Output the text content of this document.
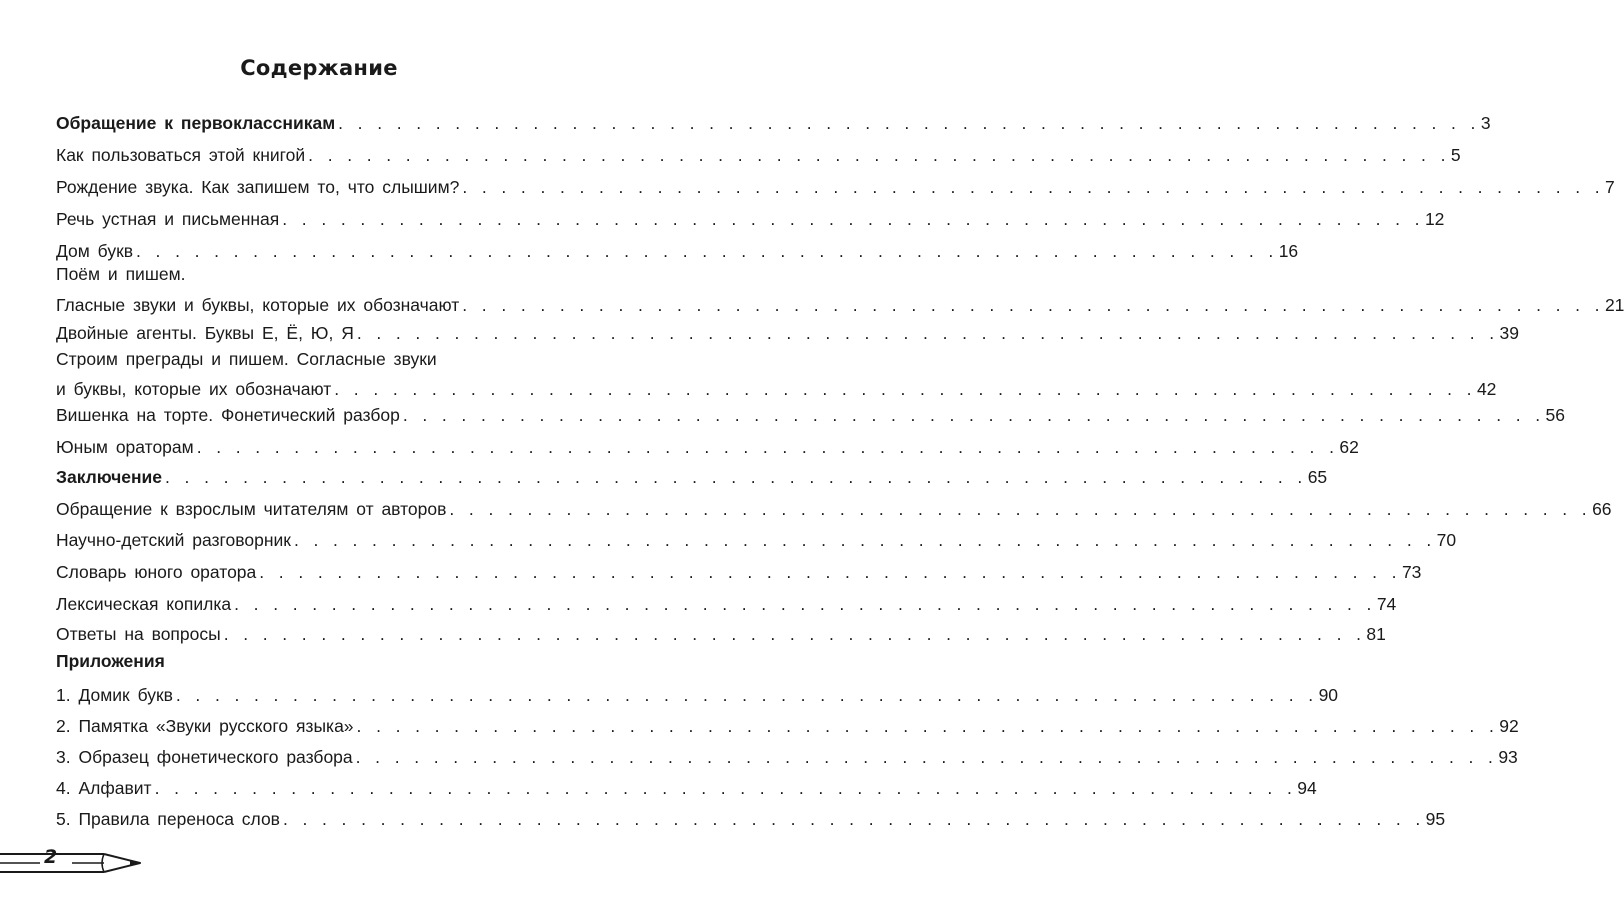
Содержание
Обращение к первоклассникам . . . . . . . . . . . . . . . . . . . . . . . . . . . . . . . . . . . . . . . . . . . . . . . . . . . . . . . . . . . 3
Как пользоваться этой книгой . . . . . . . . . . . . . . . . . . . . . . . . . . . . . . . . . . . . . . . . . . . . . . . . . . . . . . . . . . . 5
Рождение звука. Как запишем то, что слышим? . . . . . . . . . . . . . . . . . . . . . . . . . . . . . . . . . . . . . . . . . . . . . . . . . . . . . . . . . . . 7
Речь устная и письменная . . . . . . . . . . . . . . . . . . . . . . . . . . . . . . . . . . . . . . . . . . . . . . . . . . . . . . . . . . . 12
Дом букв . . . . . . . . . . . . . . . . . . . . . . . . . . . . . . . . . . . . . . . . . . . . . . . . . . . . . . . . . . . 16
Поём и пишем.
Гласные звуки и буквы, которые их обозначают . . . . . . . . . . . . . . . . . . . . . . . . . . . . . . . . . . . . . . . . . . . . . . . . . . . . . . . . . . . 21
Двойные агенты. Буквы Е, Ё, Ю, Я . . . . . . . . . . . . . . . . . . . . . . . . . . . . . . . . . . . . . . . . . . . . . . . . . . . . . . . . . . . 39
Строим преграды и пишем. Согласные звуки
и буквы, которые их обозначают . . . . . . . . . . . . . . . . . . . . . . . . . . . . . . . . . . . . . . . . . . . . . . . . . . . . . . . . . . . 42
Вишенка на торте. Фонетический разбор . . . . . . . . . . . . . . . . . . . . . . . . . . . . . . . . . . . . . . . . . . . . . . . . . . . . . . . . . . . 56
Юным ораторам . . . . . . . . . . . . . . . . . . . . . . . . . . . . . . . . . . . . . . . . . . . . . . . . . . . . . . . . . . . 62
Заключение . . . . . . . . . . . . . . . . . . . . . . . . . . . . . . . . . . . . . . . . . . . . . . . . . . . . . . . . . . . 65
Обращение к взрослым читателям от авторов . . . . . . . . . . . . . . . . . . . . . . . . . . . . . . . . . . . . . . . . . . . . . . . . . . . . . . . . . . . 66
Научно-детский разговорник . . . . . . . . . . . . . . . . . . . . . . . . . . . . . . . . . . . . . . . . . . . . . . . . . . . . . . . . . . . 70
Словарь юного оратора . . . . . . . . . . . . . . . . . . . . . . . . . . . . . . . . . . . . . . . . . . . . . . . . . . . . . . . . . . . 73
Лексическая копилка . . . . . . . . . . . . . . . . . . . . . . . . . . . . . . . . . . . . . . . . . . . . . . . . . . . . . . . . . . . 74
Ответы на вопросы . . . . . . . . . . . . . . . . . . . . . . . . . . . . . . . . . . . . . . . . . . . . . . . . . . . . . . . . . . . 81
Приложения
1. Домик букв . . . . . . . . . . . . . . . . . . . . . . . . . . . . . . . . . . . . . . . . . . . . . . . . . . . . . . . . . . . 90
2. Памятка «Звуки русского языка» . . . . . . . . . . . . . . . . . . . . . . . . . . . . . . . . . . . . . . . . . . . . . . . . . . . . . . . . . . . 92
3. Образец фонетического разбора . . . . . . . . . . . . . . . . . . . . . . . . . . . . . . . . . . . . . . . . . . . . . . . . . . . . . . . . . . . 93
4. Алфавит . . . . . . . . . . . . . . . . . . . . . . . . . . . . . . . . . . . . . . . . . . . . . . . . . . . . . . . . . . . 94
5. Правила переноса слов . . . . . . . . . . . . . . . . . . . . . . . . . . . . . . . . . . . . . . . . . . . . . . . . . . . . . . . . . . . 95
2
